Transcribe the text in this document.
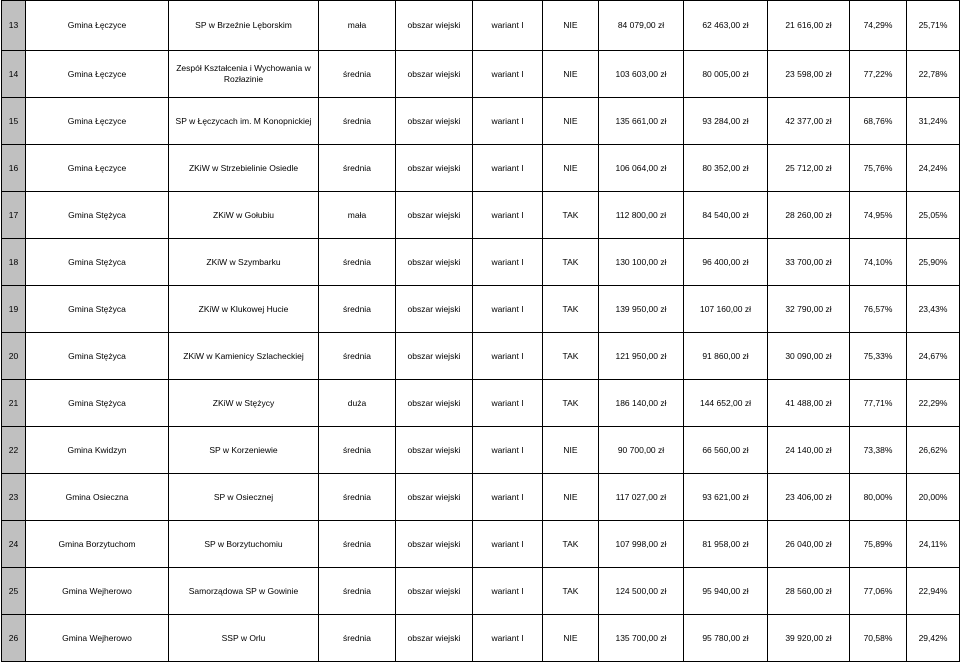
13	Gmina Łęczyce	SP w Brzeźnie Lęborskim	mała	obszar wiejski	wariant I	NIE	84 079,00 zł	62 463,00 zł	21 616,00 zł	74,29%	25,71%
14	Gmina Łęczyce	Zespół Kształcenia i Wychowania w Rozłazinie	średnia	obszar wiejski	wariant I	NIE	103 603,00 zł	80 005,00 zł	23 598,00 zł	77,22%	22,78%
15	Gmina Łęczyce	SP w Łęczycach im. M Konopnickiej	średnia	obszar wiejski	wariant I	NIE	135 661,00 zł	93 284,00 zł	42 377,00 zł	68,76%	31,24%
16	Gmina Łęczyce	ZKiW w Strzebielinie Osiedle	średnia	obszar wiejski	wariant I	NIE	106 064,00 zł	80 352,00 zł	25 712,00 zł	75,76%	24,24%
17	Gmina Stężyca	ZKiW w Gołubiu	mała	obszar wiejski	wariant I	TAK	112 800,00 zł	84 540,00 zł	28 260,00 zł	74,95%	25,05%
18	Gmina Stężyca	ZKiW w Szymbarku	średnia	obszar wiejski	wariant I	TAK	130 100,00 zł	96 400,00 zł	33 700,00 zł	74,10%	25,90%
19	Gmina Stężyca	ZKiW w Klukowej Hucie	średnia	obszar wiejski	wariant I	TAK	139 950,00 zł	107 160,00 zł	32 790,00 zł	76,57%	23,43%
20	Gmina Stężyca	ZKiW w Kamienicy Szlacheckiej	średnia	obszar wiejski	wariant I	TAK	121 950,00 zł	91 860,00 zł	30 090,00 zł	75,33%	24,67%
21	Gmina Stężyca	ZKiW w Stężycy	duża	obszar wiejski	wariant I	TAK	186 140,00 zł	144 652,00 zł	41 488,00 zł	77,71%	22,29%
22	Gmina Kwidzyn	SP w Korzeniewie	średnia	obszar wiejski	wariant I	NIE	90 700,00 zł	66 560,00 zł	24 140,00 zł	73,38%	26,62%
23	Gmina Osieczna	SP w Osiecznej	średnia	obszar wiejski	wariant I	NIE	117 027,00 zł	93 621,00 zł	23 406,00 zł	80,00%	20,00%
24	Gmina Borzytuchom	SP w Borzytuchomiu	średnia	obszar wiejski	wariant I	TAK	107 998,00 zł	81 958,00 zł	26 040,00 zł	75,89%	24,11%
25	Gmina Wejherowo	Samorządowa SP w Gowinie	średnia	obszar wiejski	wariant I	TAK	124 500,00 zł	95 940,00 zł	28 560,00 zł	77,06%	22,94%
26	Gmina Wejherowo	SSP w Orlu	średnia	obszar wiejski	wariant I	NIE	135 700,00 zł	95 780,00 zł	39 920,00 zł	70,58%	29,42%
